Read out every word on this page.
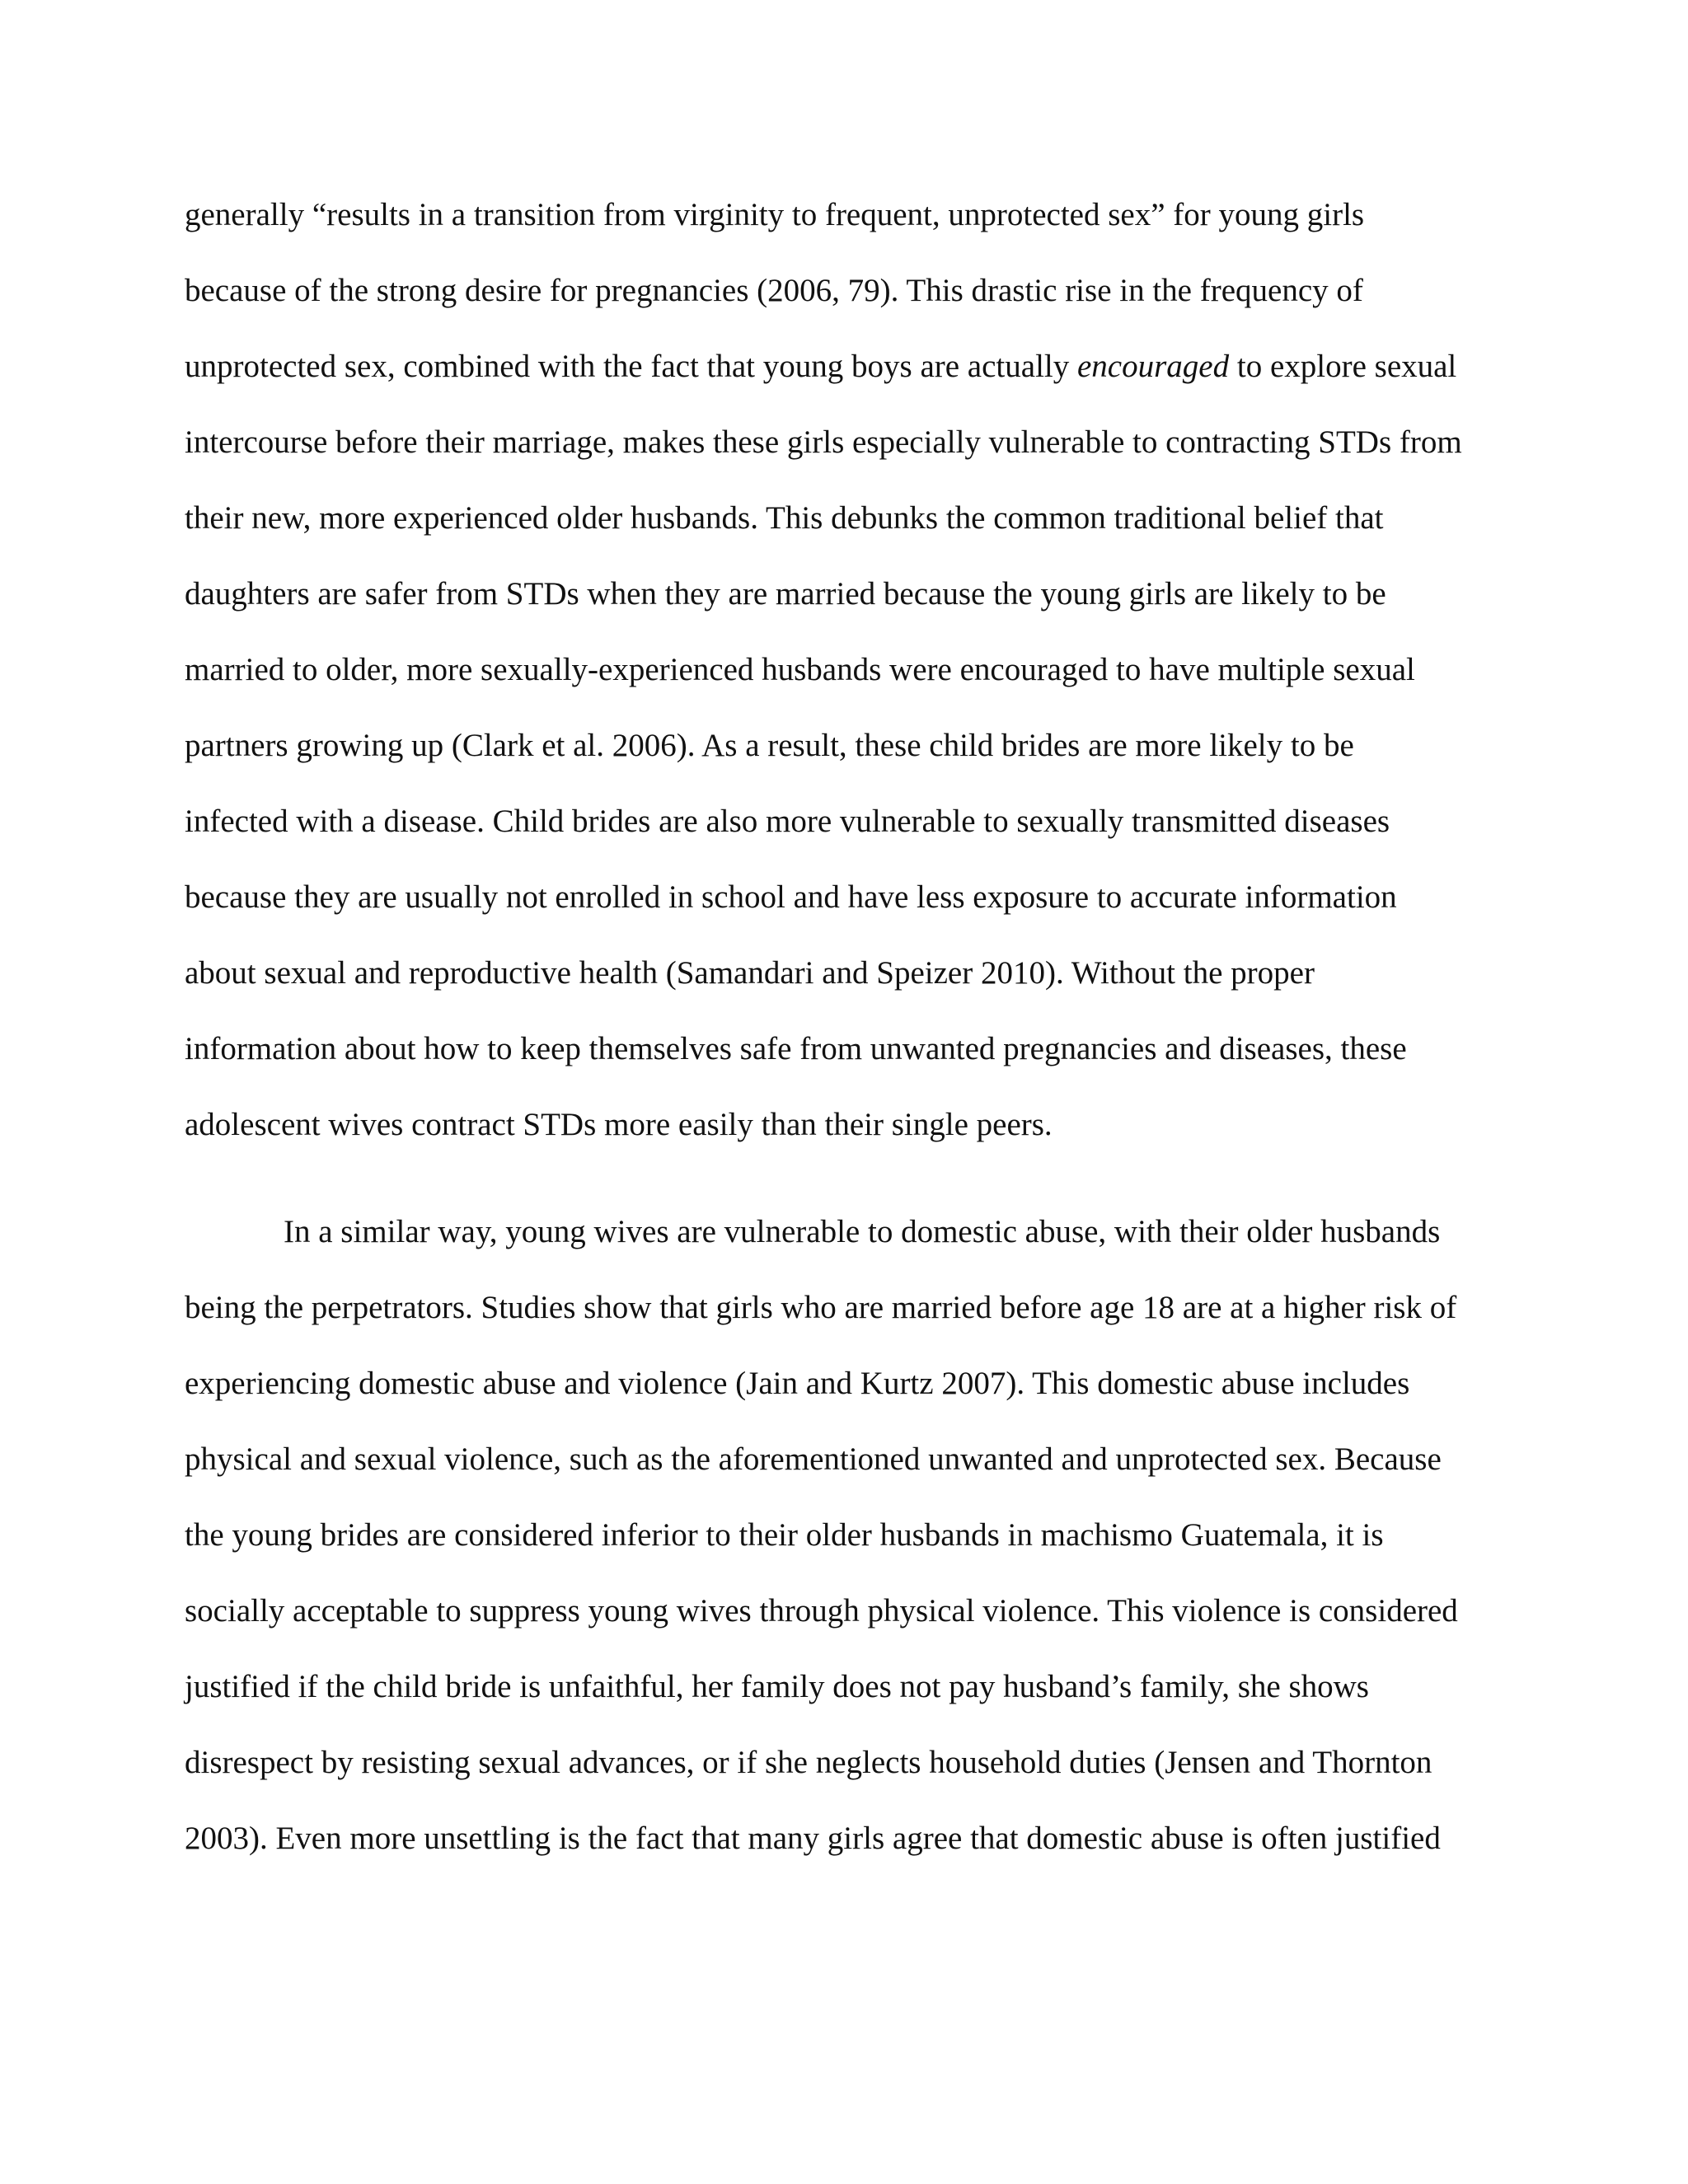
generally “results in a transition from virginity to frequent, unprotected sex” for young girls
because of the strong desire for pregnancies (2006, 79). This drastic rise in the frequency of
unprotected sex, combined with the fact that young boys are actually encouraged to explore sexual
intercourse before their marriage, makes these girls especially vulnerable to contracting STDs from
their new, more experienced older husbands. This debunks the common traditional belief that
daughters are safer from STDs when they are married because the young girls are likely to be
married to older, more sexually-experienced husbands were encouraged to have multiple sexual
partners growing up (Clark et al. 2006). As a result, these child brides are more likely to be
infected with a disease. Child brides are also more vulnerable to sexually transmitted diseases
because they are usually not enrolled in school and have less exposure to accurate information
about sexual and reproductive health (Samandari and Speizer 2010). Without the proper
information about how to keep themselves safe from unwanted pregnancies and diseases, these
adolescent wives contract STDs more easily than their single peers.
In a similar way, young wives are vulnerable to domestic abuse, with their older husbands
being the perpetrators. Studies show that girls who are married before age 18 are at a higher risk of
experiencing domestic abuse and violence (Jain and Kurtz 2007). This domestic abuse includes
physical and sexual violence, such as the aforementioned unwanted and unprotected sex. Because
the young brides are considered inferior to their older husbands in machismo Guatemala, it is
socially acceptable to suppress young wives through physical violence. This violence is considered
justified if the child bride is unfaithful, her family does not pay husband’s family, she shows
disrespect by resisting sexual advances, or if she neglects household duties (Jensen and Thornton
2003). Even more unsettling is the fact that many girls agree that domestic abuse is often justified
